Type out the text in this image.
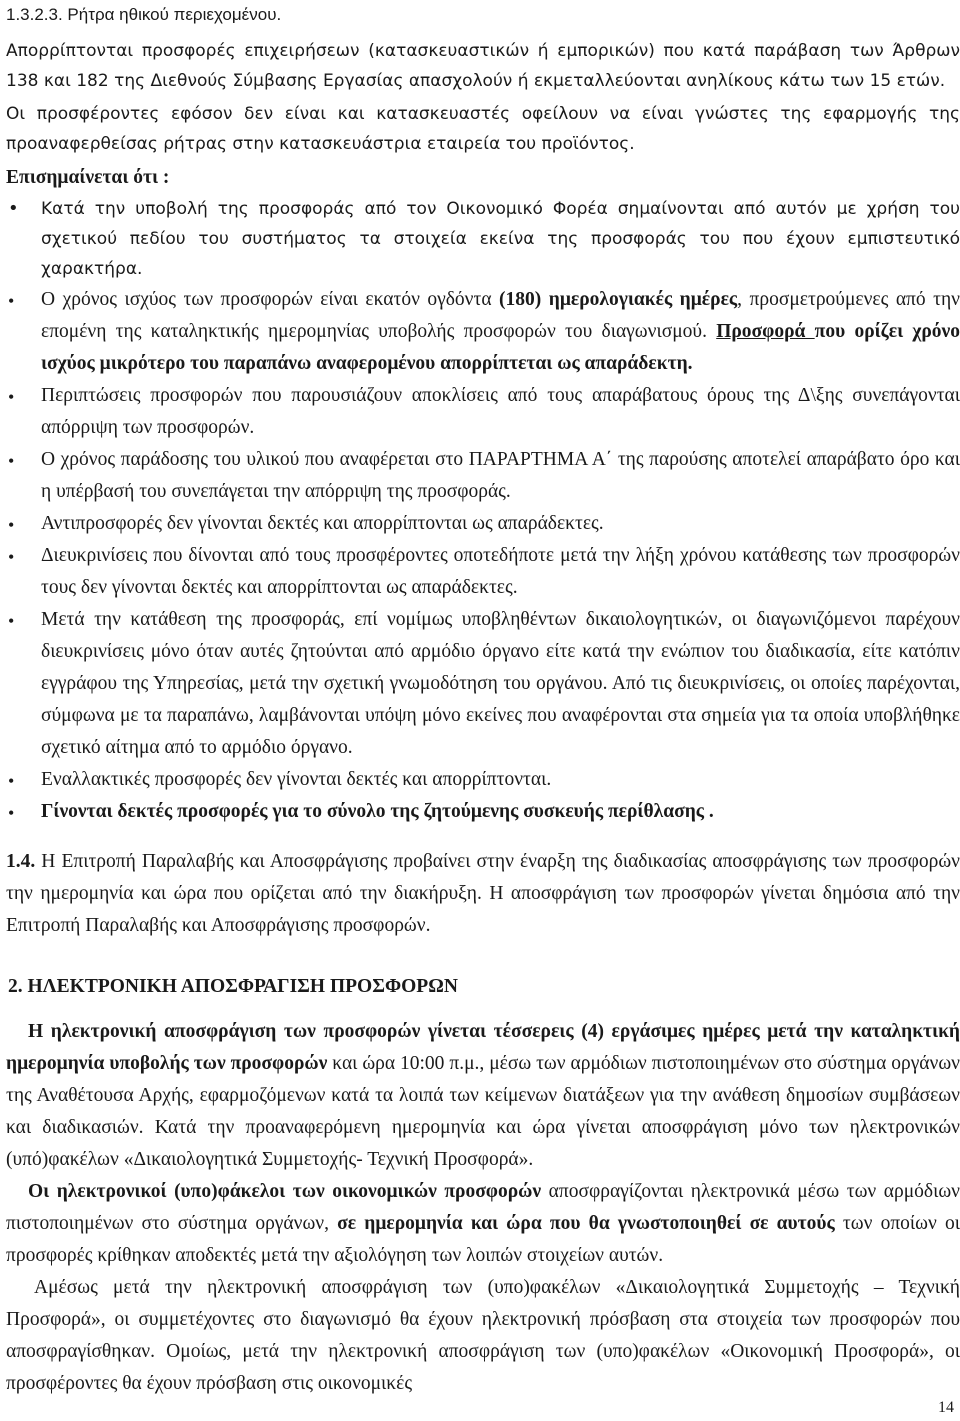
1.3.2.3. Ρήτρα ηθικού περιεχομένου.

Απορρίπτονται προσφορές επιχειρήσεων (κατασκευαστικών ή εμπορικών) που κατά παράβαση των Άρθρων 138 και 182 της Διεθνούς Σύμβασης Εργασίας απασχολούν ή εκμεταλλεύονται ανηλίκους κάτω των 15 ετών.

Οι προσφέροντες εφόσον δεν είναι και κατασκευαστές οφείλουν να είναι γνώστες της εφαρμογής της προαναφερθείσας ρήτρας στην κατασκευάστρια εταιρεία του προϊόντος.

Επισημαίνεται ότι :

• Κατά την υποβολή της προσφοράς από τον Οικονομικό Φορέα σημαίνονται από αυτόν με χρήση του σχετικού πεδίου του συστήματος τα στοιχεία εκείνα της προσφοράς του που έχουν εμπιστευτικό χαρακτήρα.
• Ο χρόνος ισχύος των προσφορών είναι εκατόν ογδόντα (180) ημερολογιακές ημέρες, προσμετρούμενες από την επομένη της καταληκτικής ημερομηνίας υποβολής προσφορών του διαγωνισμού. Προσφορά που ορίζει χρόνο ισχύος μικρότερο του παραπάνω αναφερομένου απορρίπτεται ως απαράδεκτη.
• Περιπτώσεις προσφορών που παρουσιάζουν αποκλίσεις από τους απαράβατους όρους της Δ\ξης συνεπάγονται απόρριψη των προσφορών.
• Ο χρόνος παράδοσης του υλικού που αναφέρεται στο ΠΑΡΑΡΤΗΜΑ Α΄ της παρούσης αποτελεί απαράβατο όρο και η υπέρβασή του συνεπάγεται την απόρριψη της προσφοράς.
• Αντιπροσφορές δεν γίνονται δεκτές και απορρίπτονται ως απαράδεκτες.
• Διευκρινίσεις που δίνονται από τους προσφέροντες οποτεδήποτε μετά την λήξη χρόνου κατάθεσης των προσφορών τους δεν γίνονται δεκτές και απορρίπτονται ως απαράδεκτες.
• Μετά την κατάθεση της προσφοράς, επί νομίμως υποβληθέντων δικαιολογητικών, οι διαγωνιζόμενοι παρέχουν διευκρινίσεις μόνο όταν αυτές ζητούνται από αρμόδιο όργανο είτε κατά την ενώπιον του διαδικασία, είτε κατόπιν εγγράφου της Υπηρεσίας, μετά την σχετική γνωμοδότηση του οργάνου. Από τις διευκρινίσεις, οι οποίες παρέχονται, σύμφωνα με τα παραπάνω, λαμβάνονται υπόψη μόνο εκείνες που αναφέρονται στα σημεία για τα οποία υποβλήθηκε σχετικό αίτημα από το αρμόδιο όργανο.
• Εναλλακτικές προσφορές δεν γίνονται δεκτές και απορρίπτονται.
• Γίνονται δεκτές προσφορές για το σύνολο της ζητούμενης συσκευής περίθλασης .

1.4. Η Επιτροπή Παραλαβής και Αποσφράγισης προβαίνει στην έναρξη της διαδικασίας αποσφράγισης των προσφορών την ημερομηνία και ώρα που ορίζεται από την διακήρυξη. Η αποσφράγιση των προσφορών γίνεται δημόσια από την Επιτροπή Παραλαβής και Αποσφράγισης προσφορών.

2. ΗΛΕΚΤΡΟΝΙΚΗ ΑΠΟΣΦΡΑΓΙΣΗ ΠΡΟΣΦΟΡΩΝ

Η ηλεκτρονική αποσφράγιση των προσφορών γίνεται τέσσερεις (4) εργάσιμες ημέρες μετά την καταληκτική ημερομηνία υποβολής των προσφορών και ώρα 10:00 π.μ., μέσω των αρμόδιων πιστοποιημένων στο σύστημα οργάνων της Αναθέτουσα Αρχής, εφαρμοζόμενων κατά τα λοιπά των κείμενων διατάξεων για την ανάθεση δημοσίων συμβάσεων και διαδικασιών. Κατά την προαναφερόμενη ημερομηνία και ώρα γίνεται αποσφράγιση μόνο των ηλεκτρονικών (υπό)φακέλων «Δικαιολογητικά Συμμετοχής- Τεχνική Προσφορά».

Οι ηλεκτρονικοί (υπο)φάκελοι των οικονομικών προσφορών αποσφραγίζονται ηλεκτρονικά μέσω των αρμόδιων πιστοποιημένων στο σύστημα οργάνων, σε ημερομηνία και ώρα που θα γνωστοποιηθεί σε αυτούς των οποίων οι προσφορές κρίθηκαν αποδεκτές μετά την αξιολόγηση των λοιπών στοιχείων αυτών.

Αμέσως μετά την ηλεκτρονική αποσφράγιση των (υπο)φακέλων «Δικαιολογητικά Συμμετοχής – Τεχνική Προσφορά», οι συμμετέχοντες στο διαγωνισμό θα έχουν ηλεκτρονική πρόσβαση στα στοιχεία των προσφορών που αποσφραγίσθηκαν. Ομοίως, μετά την ηλεκτρονική αποσφράγιση των (υπο)φακέλων «Οικονομική Προσφορά», οι προσφέροντες θα έχουν πρόσβαση στις οικονομικές

14
